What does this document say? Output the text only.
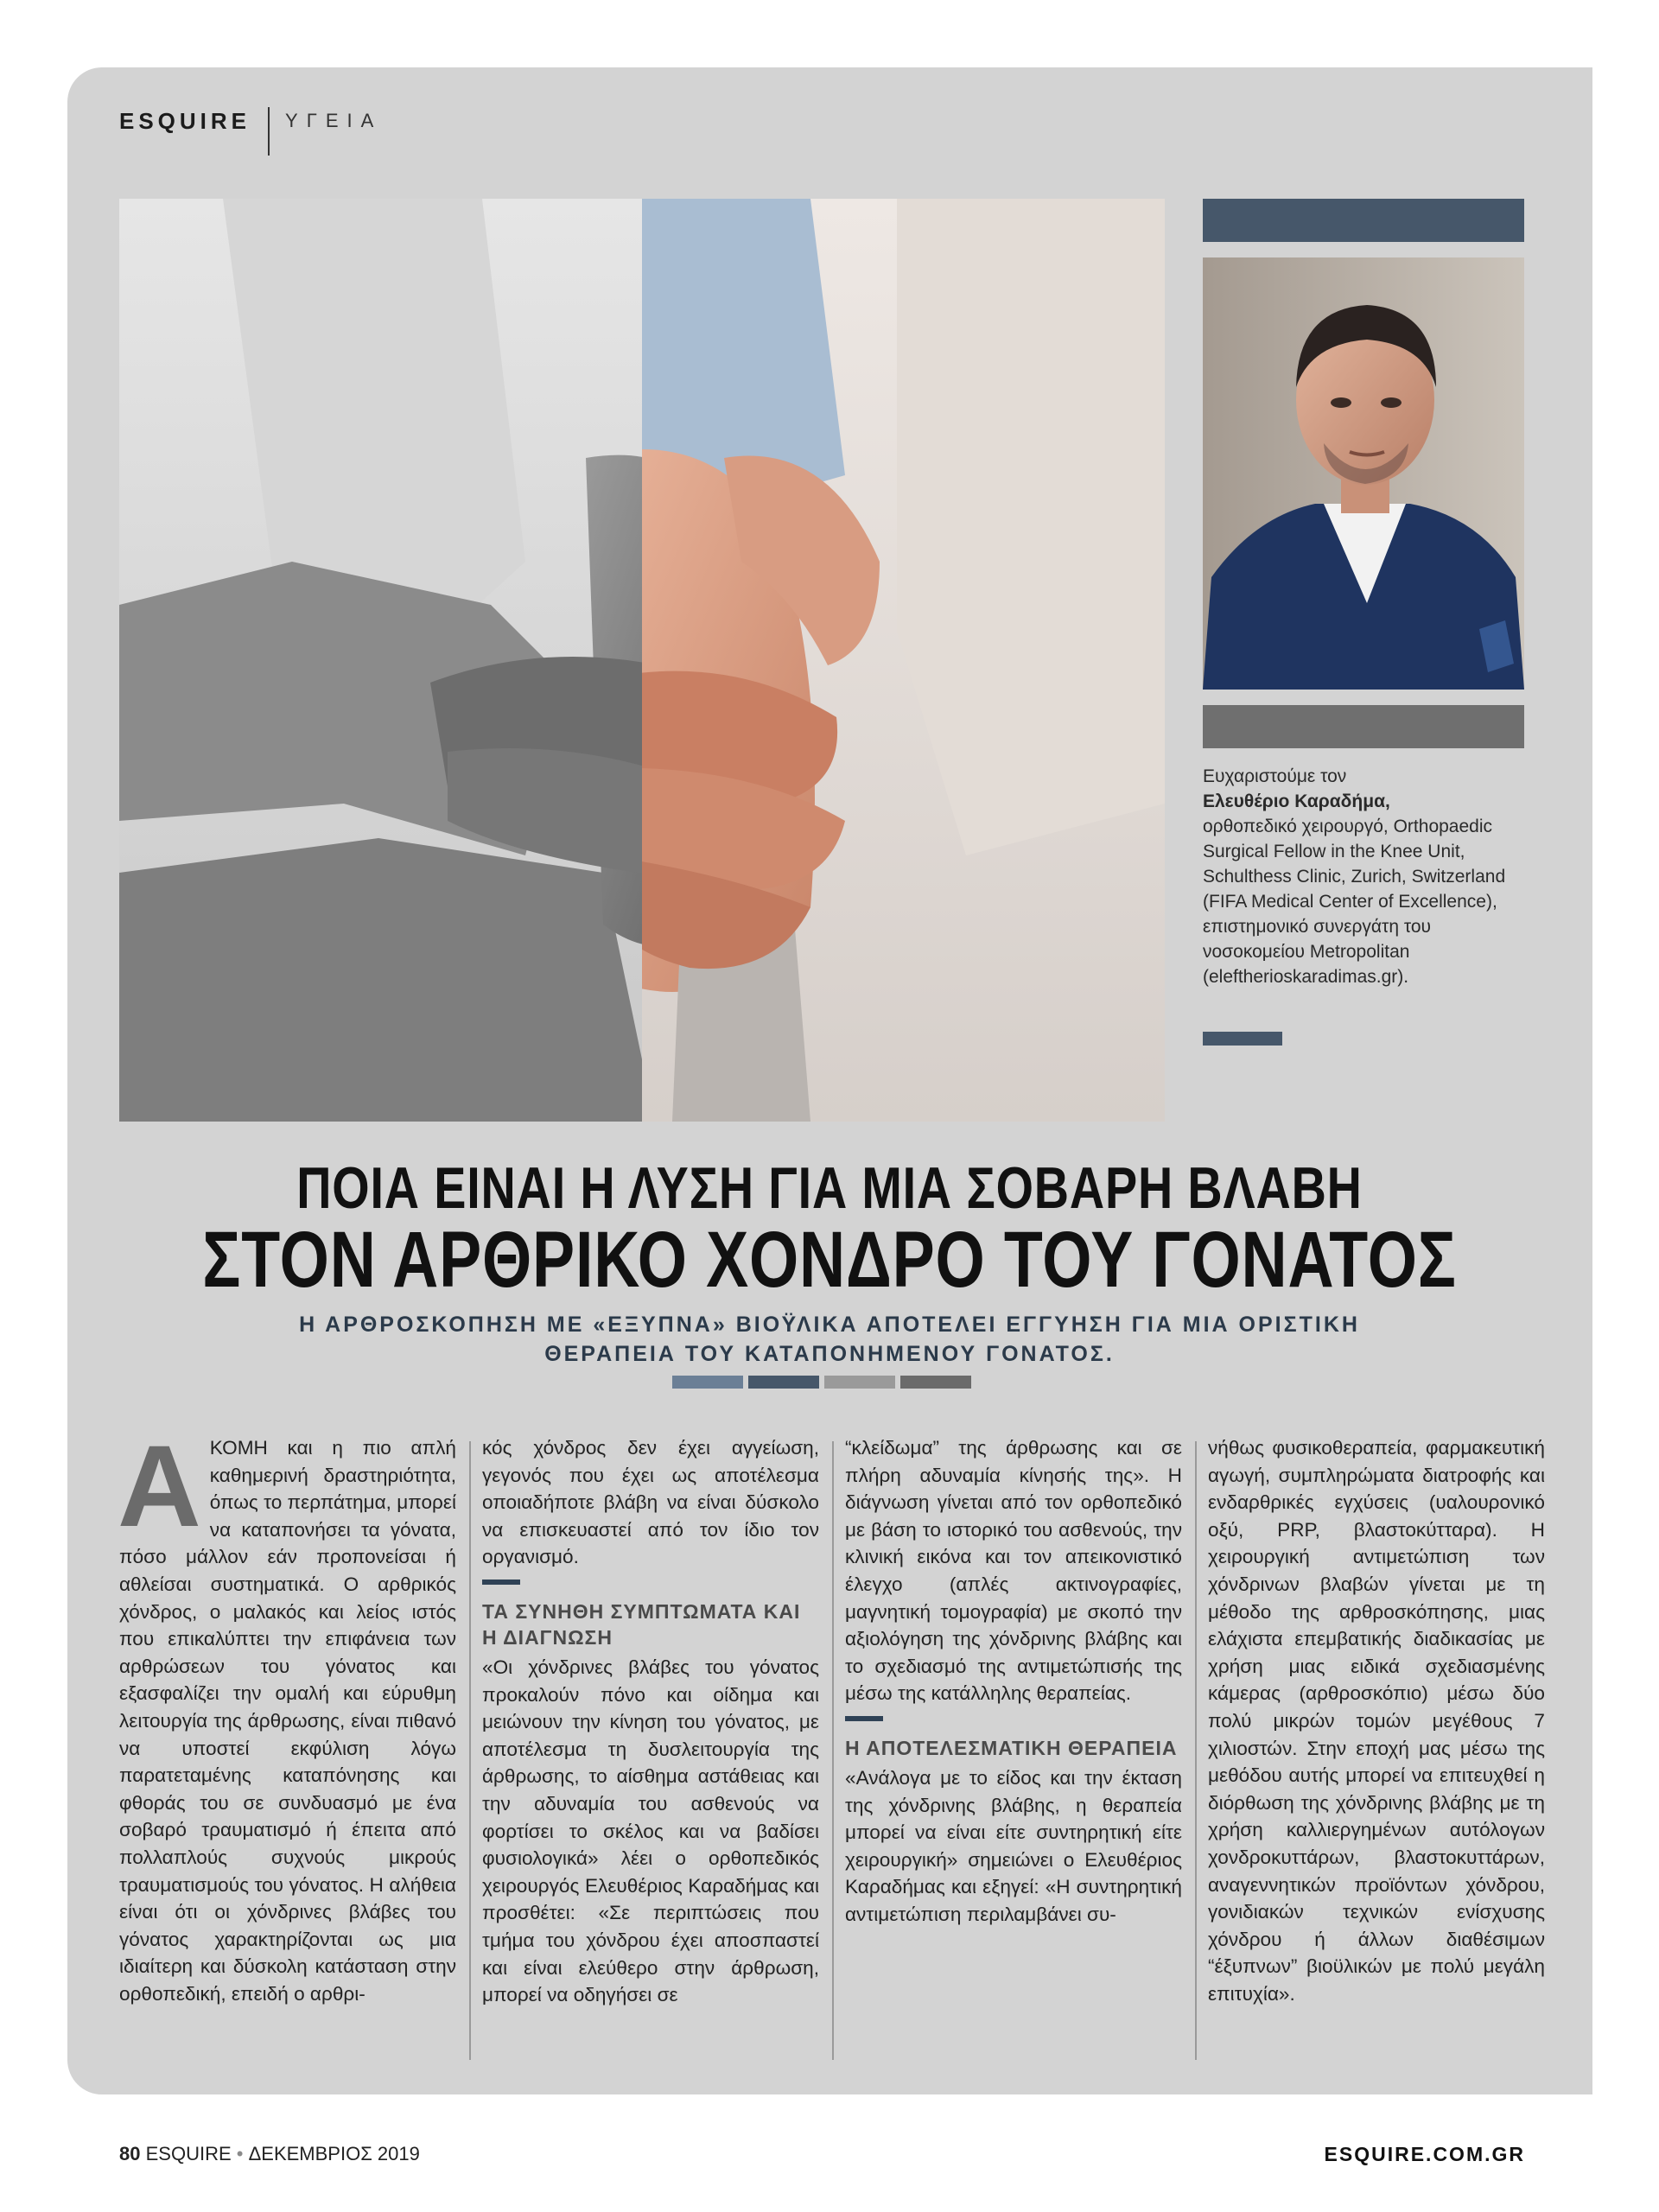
ESQUIRE ΥΓΕΙΑ
Ευχαριστούμε τον
Ελευθέριο Καραδήμα,
ορθοπεδικό χειρουργό, Orthopaedic Surgical Fellow in the Knee Unit, Schulthess Clinic, Zurich, Switzerland (FIFA Medical Center of Excellence), επιστημονικό συνεργάτη του νοσοκομείου Metropolitan (eleftherioskaradimas.gr).
ΠΟΙΑ ΕΙΝΑΙ Η ΛΥΣΗ ΓΙΑ ΜΙΑ ΣΟΒΑΡΗ ΒΛΑΒΗ
ΣΤΟΝ ΑΡΘΡΙΚΟ ΧΟΝΔΡΟ ΤΟΥ ΓΟΝΑΤΟΣ
Η ΑΡΘΡΟΣΚΟΠΗΣΗ ΜΕ «ΕΞΥΠΝΑ» ΒΙΟΫΛΙΚΑ ΑΠΟΤΕΛΕΙ ΕΓΓΥΗΣΗ ΓΙΑ ΜΙΑ ΟΡΙΣΤΙΚΗ ΘΕΡΑΠΕΙΑ ΤΟΥ ΚΑΤΑΠΟΝΗΜΕΝΟΥ ΓΟΝΑΤΟΣ.
Α ΚΟΜΗ και η πιο απλή καθημερινή δραστηριότητα, όπως το περπάτημα, μπορεί να καταπονήσει τα γόνατα, πόσο μάλλον εάν προπονείσαι ή αθλείσαι συστηματικά. Ο αρθρικός χόνδρος, ο μαλακός και λείος ιστός που επικαλύπτει την επιφάνεια των αρθρώσεων του γόνατος και εξασφαλίζει την ομαλή και εύρυθμη λειτουργία της άρθρωσης, είναι πιθανό να υποστεί εκφύλιση λόγω παρατεταμένης καταπόνησης και φθοράς του σε συνδυασμό με ένα σοβαρό τραυματισμό ή έπειτα από πολλαπλούς συχνούς μικρούς τραυματισμούς του γόνατος. Η αλήθεια είναι ότι οι χόνδρινες βλάβες του γόνατος χαρακτηρίζονται ως μια ιδιαίτερη και δύσκολη κατάσταση στην ορθοπεδική, επειδή ο αρθρι-

κός χόνδρος δεν έχει αγγείωση, γεγονός που έχει ως αποτέλεσμα οποιαδήποτε βλάβη να είναι δύσκολο να επισκευαστεί από τον ίδιο τον οργανισμό.

ΤΑ ΣΥΝΗΘΗ ΣΥΜΠΤΩΜΑΤΑ ΚΑΙ Η ΔΙΑΓΝΩΣΗ

«Οι χόνδρινες βλάβες του γόνατος προκαλούν πόνο και οίδημα και μειώνουν την κίνηση του γόνατος, με αποτέλεσμα τη δυσλειτουργία της άρθρωσης, το αίσθημα αστάθειας και την αδυναμία του ασθενούς να φορτίσει το σκέλος και να βαδίσει φυσιολογικά» λέει ο ορθοπεδικός χειρουργός Ελευθέριος Καραδήμας και προσθέτει: «Σε περιπτώσεις που τμήμα του χόνδρου έχει αποσπαστεί και είναι ελεύθερο στην άρθρωση, μπορεί να οδηγήσει σε

“κλείδωμα” της άρθρωσης και σε πλήρη αδυναμία κίνησής της». Η διάγνωση γίνεται από τον ορθοπεδικό με βάση το ιστορικό του ασθενούς, την κλινική εικόνα και τον απεικονιστικό έλεγχο (απλές ακτινογραφίες, μαγνητική τομογραφία) με σκοπό την αξιολόγηση της χόνδρινης βλάβης και το σχεδιασμό της αντιμετώπισής της μέσω της κατάλληλης θεραπείας.

Η ΑΠΟΤΕΛΕΣΜΑΤΙΚΗ ΘΕΡΑΠΕΙΑ

«Ανάλογα με το είδος και την έκταση της χόνδρινης βλάβης, η θεραπεία μπορεί να είναι είτε συντηρητική είτε χειρουργική» σημειώνει ο Ελευθέριος Καραδήμας και εξηγεί: «Η συντηρητική αντιμετώπιση περιλαμβάνει συ-

νήθως φυσικοθεραπεία, φαρμακευτική αγωγή, συμπληρώματα διατροφής και ενδαρθρικές εγχύσεις (υαλουρονικό οξύ, PRP, βλαστοκύτταρα). Η χειρουργική αντιμετώπιση των χόνδρινων βλαβών γίνεται με τη μέθοδο της αρθροσκόπησης, μιας ελάχιστα επεμβατικής διαδικασίας με χρήση μιας ειδικά σχεδιασμένης κάμερας (αρθροσκόπιο) μέσω δύο πολύ μικρών τομών μεγέθους 7 χιλιοστών. Στην εποχή μας μέσω της μεθόδου αυτής μπορεί να επιτευχθεί η διόρθωση της χόνδρινης βλάβης με τη χρήση καλλιεργημένων αυτόλογων χονδροκυττάρων, βλαστοκυττάρων, αναγεννητικών προϊόντων χόνδρου, γονιδιακών τεχνικών ενίσχυσης χόνδρου ή άλλων διαθέσιμων “έξυπνων” βιοϋλικών με πολύ μεγάλη επιτυχία».

80 ESQUIRE • ΔΕΚΕΜΒΡΙΟΣ 2019	ESQUIRE.COM.GR
